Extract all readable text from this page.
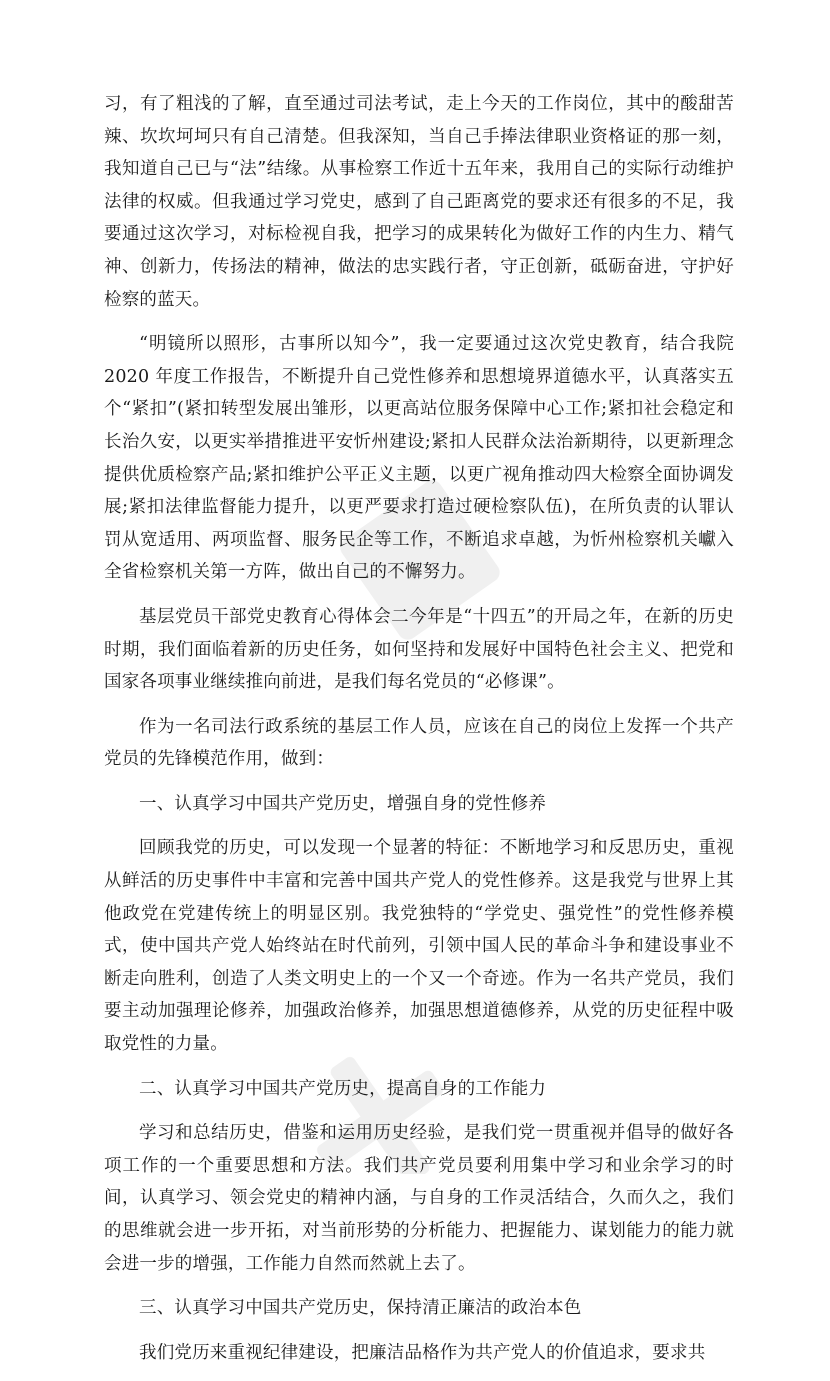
习，有了粗浅的了解，直至通过司法考试，走上今天的工作岗位，其中的酸甜苦辣、坎坎坷坷只有自己清楚。但我深知，当自己手捧法律职业资格证的那一刻，我知道自己已与“法”结缘。从事检察工作近十五年来，我用自己的实际行动维护 法律的权威。但我通过学习党史，感到了自己距离党的要求还有很多的不足，我要通过这次学习，对标检视自我，把学习的成果转化为做好工作的内生力、精气神、创新力，传扬法的精神，做法的忠实践行者，守正创新，砥砺奋进，守护好检察的蓝天。

“明镜所以照形，古事所以知今”，我一定要通过这次党史教育，结合我院 2020 年度工作报告，不断提升自己党性修养和思想境界道德水平，认真落实五个“紧扣”(紧扣转型发展出雏形，以更高站位服务保障中心工作;紧扣社会稳定和长治久安，以更实举措推进平安忻州建设;紧扣人民群众法治新期待，以更新理念提供优质检察产品;紧扣维护公平正义主题，以更广视角推动四大检察全面协调发展;紧扣法律监督能力提升，以更严要求打造过硬检察队伍)，在所负责的认罪认罚从宽适用、两项监督、服务民企等工作，不断追求卓越，为忻州检察机关巘入全省检察机关第一方阵，做出自己的不懈努力。

基层党员干部党史教育心得体会二今年是“十四五”的开局之年，在新的历史时期，我们面临着新的历史任务，如何坚持和发展好中国特色社会主义、把党和国家各项事业继续推向前进，是我们每名党员的“必修课”。

作为一名司法行政系统的基层工作人员，应该在自己的岗位上发挥一个共产党员的先锋模范作用，做到：

一、认真学习中国共产党历史，增强自身的党性修养

回顾我党的历史，可以发现一个显著的特征：不断地学习和反思历史，重视从鲜活的历史事件中丰富和完善中国共产党人的党性修养。这是我党与世界上其他政党在党建传统上的明显区别。我党独特的“学党史、强党性”的党性修养模式，使中国共产党人始终站在时代前列，引领中国人民的革命斗争和建设事业不断走向胜利，创造了人类文明史上的一个又一个奇迹。作为一名共产党员，我们要主动加强理论修养，加强政治修养，加强思想道德修养，从党的历史征程中吸取党性的力量。

二、认真学习中国共产党历史，提高自身的工作能力

学习和总结历史，借鉴和运用历史经验，是我们党一贯重视并倡导的做好各项工作的一个重要思想和方法。我们共产党员要利用集中学习和业余学习的时间，认真学习、领会党史的精神内涵，与自身的工作灵活结合，久而久之，我们的思维就会进一步开拓，对当前形势的分析能力、把握能力、谋划能力的能力就会进一步的增强，工作能力自然而然就上去了。

三、认真学习中国共产党历史，保持清正廉洁的政治本色

我们党历来重视纪律建设，把廉洁品格作为共产党人的价值追求，要求共
